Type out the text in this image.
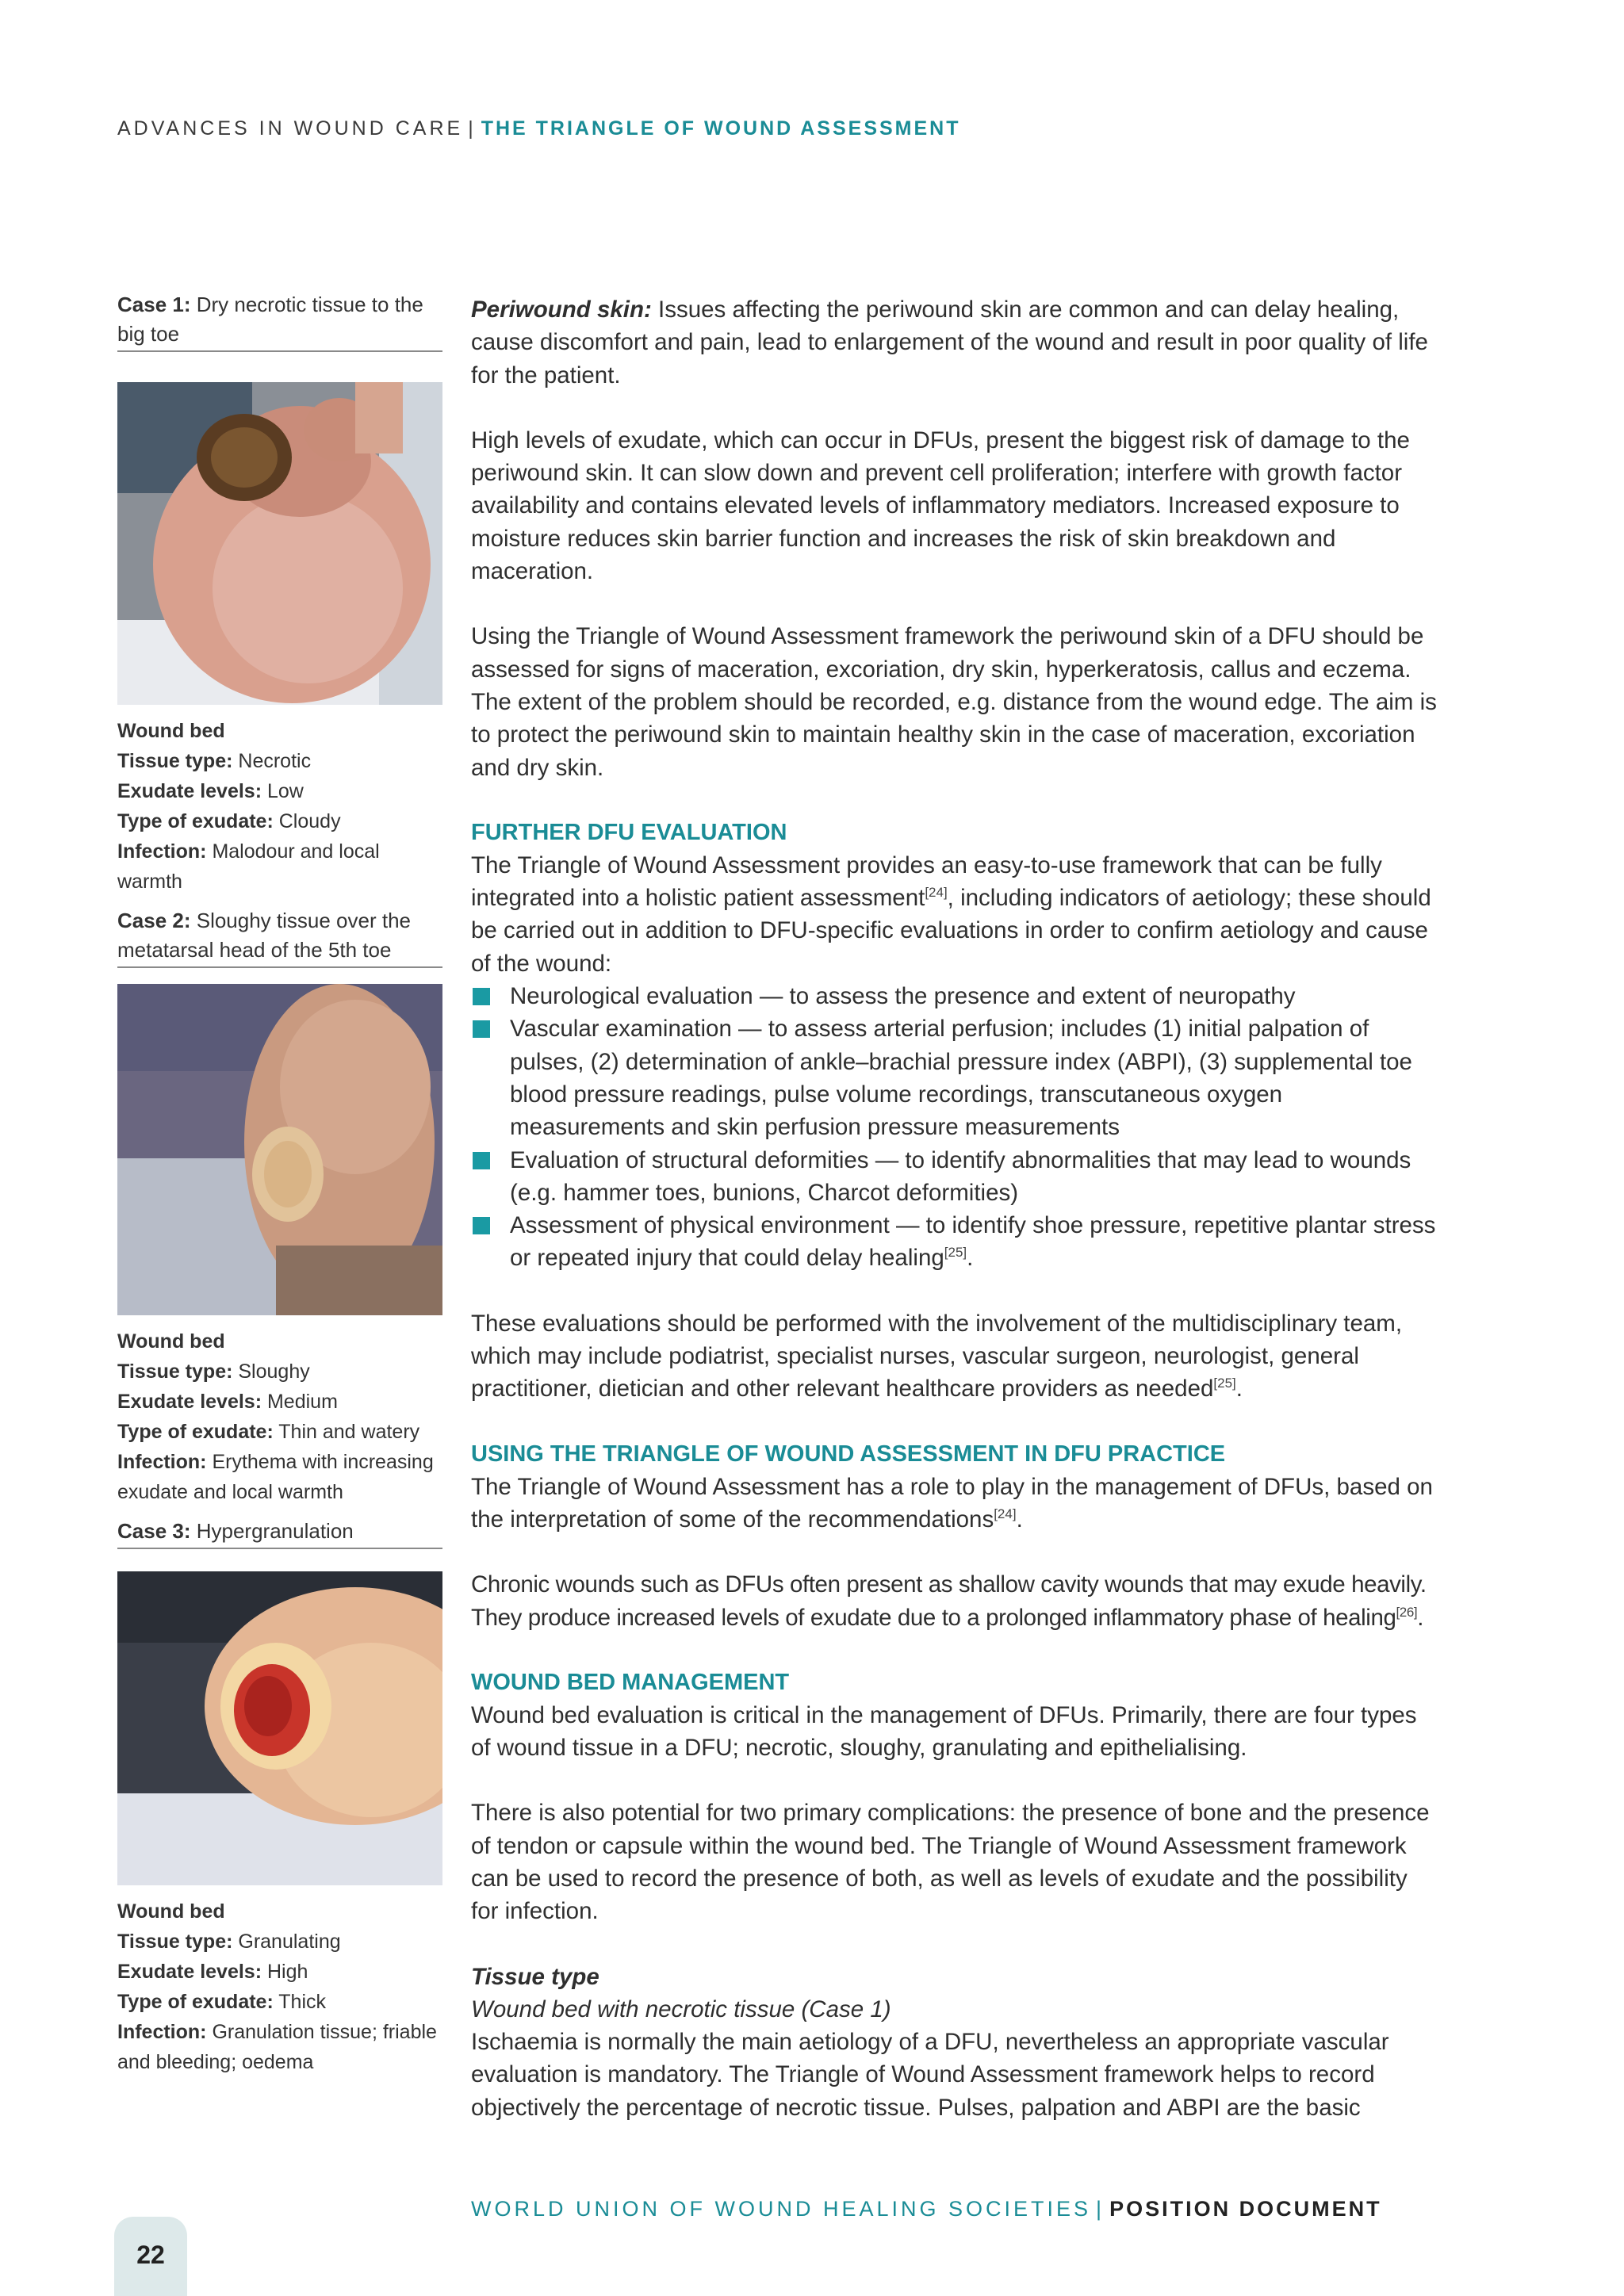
ADVANCES IN WOUND CARE | THE TRIANGLE OF WOUND ASSESSMENT
Case 1: Dry necrotic tissue to the big toe
Wound bed
Tissue type: Necrotic
Exudate levels: Low
Type of exudate: Cloudy
Infection: Malodour and local warmth
Case 2: Sloughy tissue over the metatarsal head of the 5th toe
Wound bed
Tissue type: Sloughy
Exudate levels: Medium
Type of exudate: Thin and watery
Infection: Erythema with increasing exudate and local warmth
Case 3: Hypergranulation
Wound bed
Tissue type: Granulating
Exudate levels: High
Type of exudate: Thick
Infection: Granulation tissue; friable and bleeding; oedema

Periwound skin: Issues affecting the periwound skin are common and can delay healing, cause discomfort and pain, lead to enlargement of the wound and result in poor quality of life for the patient.

High levels of exudate, which can occur in DFUs, present the biggest risk of damage to the periwound skin. It can slow down and prevent cell proliferation; interfere with growth factor availability and contains elevated levels of inflammatory mediators. Increased exposure to moisture reduces skin barrier function and increases the risk of skin breakdown and maceration.

Using the Triangle of Wound Assessment framework the periwound skin of a DFU should be assessed for signs of maceration, excoriation, dry skin, hyperkeratosis, callus and eczema. The extent of the problem should be recorded, e.g. distance from the wound edge. The aim is to protect the periwound skin to maintain healthy skin in the case of maceration, excoriation and dry skin.

FURTHER DFU EVALUATION

The Triangle of Wound Assessment provides an easy-to-use framework that can be fully integrated into a holistic patient assessment[24], including indicators of aetiology; these should be carried out in addition to DFU-specific evaluations in order to confirm aetiology and cause of the wound:

Neurological evaluation — to assess the presence and extent of neuropathy
Vascular examination — to assess arterial perfusion; includes (1) initial palpation of pulses, (2) determination of ankle–brachial pressure index (ABPI), (3) supplemental toe blood pressure readings, pulse volume recordings, transcutaneous oxygen measurements and skin perfusion pressure measurements
Evaluation of structural deformities — to identify abnormalities that may lead to wounds (e.g. hammer toes, bunions, Charcot deformities)
Assessment of physical environment — to identify shoe pressure, repetitive plantar stress or repeated injury that could delay healing[25].

These evaluations should be performed with the involvement of the multidisciplinary team, which may include podiatrist, specialist nurses, vascular surgeon, neurologist, general practitioner, dietician and other relevant healthcare providers as needed[25].

USING THE TRIANGLE OF WOUND ASSESSMENT IN DFU PRACTICE

The Triangle of Wound Assessment has a role to play in the management of DFUs, based on the interpretation of some of the recommendations[24].

Chronic wounds such as DFUs often present as shallow cavity wounds that may exude heavily. They produce increased levels of exudate due to a prolonged inflammatory phase of healing[26].

WOUND BED MANAGEMENT

Wound bed evaluation is critical in the management of DFUs. Primarily, there are four types of wound tissue in a DFU; necrotic, sloughy, granulating and epithelialising.

There is also potential for two primary complications: the presence of bone and the presence of tendon or capsule within the wound bed. The Triangle of Wound Assessment framework can be used to record the presence of both, as well as levels of exudate and the possibility for infection.

Tissue type

Wound bed with necrotic tissue (Case 1)

Ischaemia is normally the main aetiology of a DFU, nevertheless an appropriate vascular evaluation is mandatory. The Triangle of Wound Assessment framework helps to record objectively the percentage of necrotic tissue. Pulses, palpation and ABPI are the basic

WORLD UNION OF WOUND HEALING SOCIETIES | POSITION DOCUMENT
22
